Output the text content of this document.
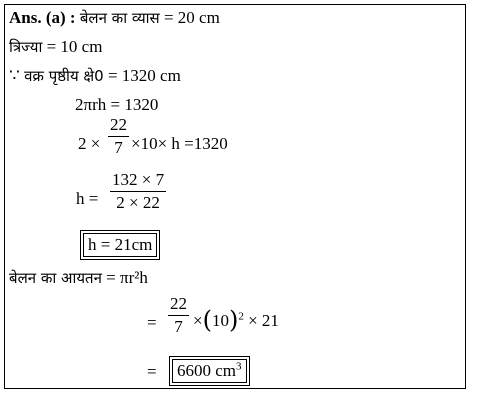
Ans. (a) : बेलन का व्यास = 20 cm
त्रिज्या = 10 cm
∵ वक्र पृष्ठीय क्षे0 = 1320 cm
2πrh = 1320
$2 \times \frac{22}{7} \times 10\times h =1320$
$h = \frac{132 \times 7}{2 \times 22}$
h = 21cm
बेलन का आयतन = πr²h
= $\frac{22}{7} \times(10)^2 \times 21$
= 6600 $cm^3$
